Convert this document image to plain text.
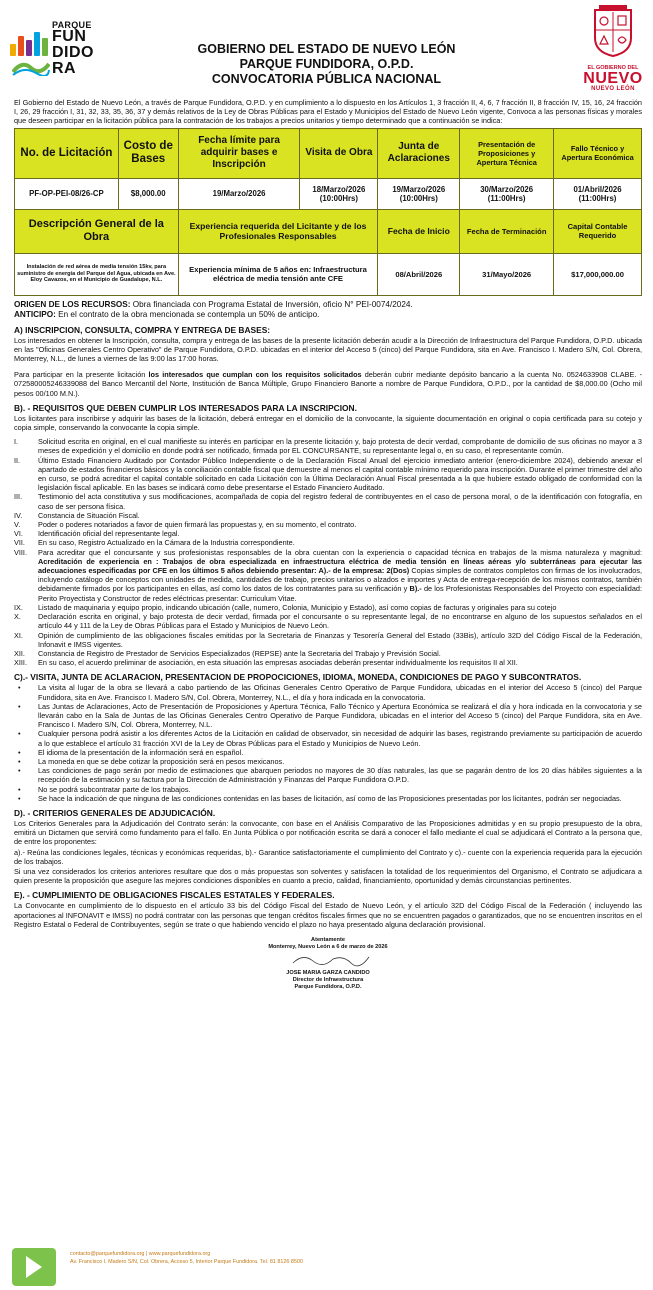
PARQUE
FUN
DIDO
RA
GOBIERNO DEL ESTADO DE NUEVO LEÓN
PARQUE FUNDIDORA, O.P.D.
CONVOCATORIA PÚBLICA NACIONAL
EL GOBIERNO DEL
NUEVO
NUEVO LEÓN
El Gobierno del Estado de Nuevo León, a través de Parque Fundidora, O.P.D. y en cumplimiento a lo dispuesto en los Artículos 1, 3 fracción II, 4, 6, 7 fracción II, 8 fracción IV, 15, 16, 24 fracción I, 26, 29 fracción I, 31, 32, 33, 35, 36, 37 y demás relativos de la Ley de Obras Públicas para el Estado y Municipios del Estado de Nuevo León vigente, Convoca a las personas físicas y morales que deseen participar en la licitación pública para la contratación de los trabajos a precios unitarios y tiempo determinado que a continuación se indica:
No. de Licitación	Costo de Bases	Fecha límite para adquirir bases e Inscripción	Visita de Obra	Junta de Aclaraciones	Presentación de Proposiciones y Apertura Técnica	Fallo Técnico y Apertura Económica
PF-OP-PEI-08/26-CP	$8,000.00	19/Marzo/2026	18/Marzo/2026 (10:00Hrs)	19/Marzo/2026 (10:00Hrs)	30/Marzo/2026 (11:00Hrs)	01/Abril/2026 (11:00Hrs)
Descripción General de la Obra		Experiencia requerida del Licitante y de los Profesionales Responsables		Fecha de Inicio	Fecha de Terminación	Capital Contable Requerido
Instalación de red aérea de media tensión 15kv, para suministro de energía del Parque del Agua, ubicada en Ave. Eloy Cavazos, en el Municipio de Guadalupe, N.L.		Experiencia mínima de 5 años en: Infraestructura eléctrica de media tensión ante CFE		08/Abril/2026	31/Mayo/2026	$17,000,000.00
ORIGEN DE LOS RECURSOS: Obra financiada con Programa Estatal de Inversión, oficio N° PEI-0074/2024.
ANTICIPO: En el contrato de la obra mencionada se contempla un 50% de anticipo.
A) INSCRIPCION, CONSULTA, COMPRA Y ENTREGA DE BASES:
Los interesados en obtener la Inscripción, consulta, compra y entrega de las bases de la presente licitación deberán acudir a la Dirección de Infraestructura del Parque Fundidora, O.P.D. ubicada en las "Oficinas Generales Centro Operativo" de Parque Fundidora, O.P.D. ubicadas en el interior del Acceso 5 (cinco) del Parque Fundidora, sita en Ave. Francisco I. Madero S/N, Col. Obrera, Monterrey, N.L., de lunes a viernes de las 9:00 las 17:00 horas.
Para participar en la presente licitación los interesados que cumplan con los requisitos solicitados deberán cubrir mediante depósito bancario a la cuenta No. 0524633908 CLABE. - 072580005246339088 del Banco Mercantil del Norte, Institución de Banca Múltiple, Grupo Financiero Banorte a nombre de Parque Fundidora, O.P.D., por la cantidad de $8,000.00 (Ocho mil pesos 00/100 M.N.).
B). - REQUISITOS QUE DEBEN CUMPLIR LOS INTERESADOS PARA LA INSCRIPCION.
Los licitantes para inscribirse y adquirir las bases de la licitación, deberá entregar en el domicilio de la convocante, la siguiente documentación en original o copia certificada para su cotejo y copia simple, conservando la convocante la copia simple.
I.	Solicitud escrita en original, en el cual manifieste su interés en participar en la presente licitación y, bajo protesta de decir verdad, comprobante de domicilio de sus oficinas no mayor a 3 meses de expedición y el domicilio en donde podrá ser notificado, firmada por EL CONCURSANTE, su representante legal o, en su caso, el representante común.
II. Último Estado Financiero Auditado por Contador Público Independiente o de la Declaración Fiscal Anual del ejercicio inmediato anterior (enero-diciembre 2024), debiendo anexar el apartado de estados financieros básicos y la conciliación contable fiscal que demuestre al menos el capital contable mínimo requerido para inscripción. Durante el primer trimestre del año en curso, se podrá acreditar el capital contable solicitado en cada Licitación con la Última Declaración Anual Fiscal presentada a la que hubiere estado obligado de conformidad con la legislación fiscal aplicable. En las bases se indicará como debe presentarse el Estado Financiero Auditado.
III. Testimonio del acta constitutiva y sus modificaciones, acompañada de copia del registro federal de contribuyentes en el caso de persona moral, o de la identificación con fotografía, en caso de ser persona física.
IV. Constancia de Situación Fiscal.
V. Poder o poderes notariados a favor de quien firmará las propuestas y, en su momento, el contrato.
VI. Identificación oficial del representante legal.
VII. En su caso, Registro Actualizado en la Cámara de la Industria correspondiente.
VIII. Para acreditar que el concursante y sus profesionistas responsables de la obra cuentan con la experiencia o capacidad técnica en trabajos de la misma naturaleza y magnitud: Acreditación de experiencia en : Trabajos de obra especializada en infraestructura eléctrica de media tensión en líneas aéreas y/o subterráneas para ejecutar las adecuaciones especificadas por CFE en los últimos 5 años debiendo presentar: A).- de la empresa: 2(Dos) Copias simples de contratos completos con firmas de los involucrados, incluyendo catálogo de conceptos con unidades de medida, cantidades de trabajo, precios unitarios o alzados e importes y Acta de entrega-recepción de los mismos contratos, también debidamente firmados por los participantes en ellas, así como los datos de los contratantes para su verificación y B).- de los Profesionistas Responsables del Proyecto con especialidad: Perito Proyectista y Constructor de redes eléctricas presentar: Curriculum Vitae.
IX. Listado de maquinaria y equipo propio, indicando ubicación (calle, numero, Colonia, Municipio y Estado), así como copias de facturas y originales para su cotejo
X. Declaración escrita en original, y bajo protesta de decir verdad, firmada por el concursante o su representante legal, de no encontrarse en alguno de los supuestos señalados en el artículo 44 y 111 de la Ley de Obras Públicas para el Estado y Municipios de Nuevo León.
XI. Opinión de cumplimiento de las obligaciones fiscales emitidas por la Secretaria de Finanzas y Tesorería General del Estado (33Bis), artículo 32D del Código Fiscal de la Federación, Infonavit e IMSS vigentes.
XII. Constancia de Registro de Prestador de Servicios Especializados (REPSE) ante la Secretaria del Trabajo y Previsión Social.
XIII. En su caso, el acuerdo preliminar de asociación, en esta situación las empresas asociadas deberán presentar individualmente los requisitos II al XII.
C).- VISITA, JUNTA DE ACLARACION, PRESENTACION DE PROPOCICIONES, IDIOMA, MONEDA, CONDICIONES DE PAGO Y SUBCONTRATOS.
• La visita al lugar de la obra se llevará a cabo partiendo de las Oficinas Generales Centro Operativo de Parque Fundidora, ubicadas en el interior del Acceso 5 (cinco) del Parque Fundidora, sita en Ave. Francisco I. Madero S/N, Col. Obrera, Monterrey, N.L., el día y hora indicada en la convocatoria.
• Las Juntas de Aclaraciones, Acto de Presentación de Proposiciones y Apertura Técnica, Fallo Técnico y Apertura Económica se realizará el día y hora indicada en la convocatoria y se llevarán cabo en la Sala de Juntas de las Oficinas Generales Centro Operativo de Parque Fundidora, ubicadas en el interior del Acceso 5 (cinco) del Parque Fundidora, sita en Ave. Francisco I. Madero S/N, Col. Obrera, Monterrey, N.L.
• Cualquier persona podrá asistir a los diferentes Actos de la Licitación en calidad de observador, sin necesidad de adquirir las bases, registrando previamente su participación de acuerdo a lo que establece el artículo 31 fracción XVI de la Ley de Obras Públicas para el Estado y Municipios de Nuevo León.
• El idioma de la presentación de la información será en español.
• La moneda en que se debe cotizar la proposición será en pesos mexicanos.
• Las condiciones de pago serán por medio de estimaciones que abarquen periodos no mayores de 30 días naturales, las que se pagarán dentro de los 20 días hábiles siguientes a la recepción de la estimación y su factura por la Dirección de Administración y Finanzas del Parque Fundidora O.P.D.
• No se podrá subcontratar parte de los trabajos.
• Se hace la indicación de que ninguna de las condiciones contenidas en las bases de licitación, así como de las Proposiciones presentadas por los licitantes, podrán ser negociadas.
D). - CRITERIOS GENERALES DE ADJUDICACIÓN.
Los Criterios Generales para la Adjudicación del Contrato serán: la convocante, con base en el Análisis Comparativo de las Proposiciones admitidas y en su propio presupuesto de la obra, emitirá un Dictamen que servirá como fundamento para el fallo. En Junta Pública o por notificación escrita se dará a conocer el fallo mediante el cual se adjudicará el Contrato a la persona que, de entre los proponentes:
a).- Reúna las condiciones legales, técnicas y económicas requeridas, b).- Garantice satisfactoriamente el cumplimiento del Contrato y c).- cuente con la experiencia requerida para la ejecución de los trabajos.
Si una vez considerados los criterios anteriores resultare que dos o más propuestas son solventes y satisfacen la totalidad de los requerimientos del Organismo, el Contrato se adjudicara a quien presente la proposición que asegure las mejores condiciones disponibles en cuanto a precio, calidad, financiamiento, oportunidad y demás circunstancias pertinentes.
E). - CUMPLIMIENTO DE OBLIGACIONES FISCALES ESTATALES Y FEDERALES.
La Convocante en cumplimiento de lo dispuesto en el artículo 33 bis del Código Fiscal del Estado de Nuevo León, y el artículo 32D del Código Fiscal de la Federación ( incluyendo las aportaciones al INFONAVIT e IMSS) no podrá contratar con las personas que tengan créditos fiscales firmes que no se encuentren pagados o garantizados, que no se encuentren inscritos en el Registro Estatal o Federal de Contribuyentes, según se trate o que habiendo vencido el plazo no haya presentado alguna declaración provisional.
Atentamente
Monterrey, Nuevo León a 6 de marzo de 2026
JOSE MARIA GARZA CANDIDO
Director de Infraestructura
Parque Fundidora, O.P.D.
contacto@parquefundidora.org | www.parquefundidora.org
Av. Francisco I. Madero S/N, Col. Obrera, Acceso 5, Interior Parque Fundidora. Tel. 81 8126 8500
